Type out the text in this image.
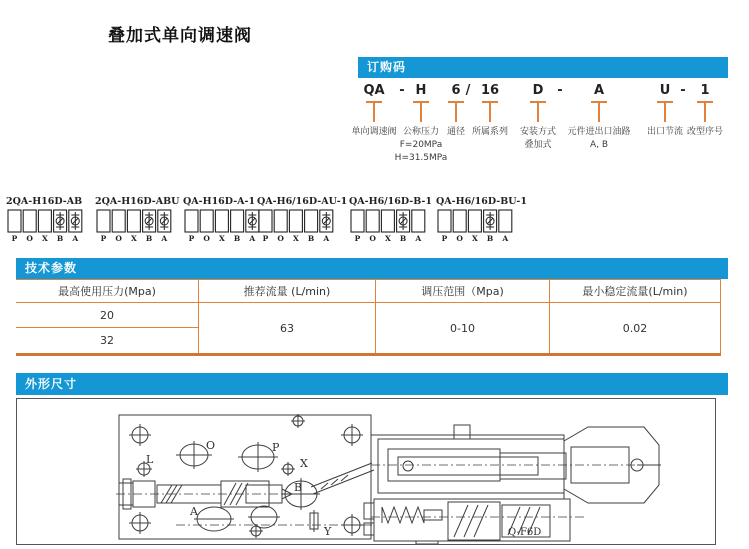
叠加式单向调速阀
订购码
QA
单向调速阀
- H
公称压力
F=20MPa
H=31.5MPa
6
通径
/ 16
所属系列
D
安装方式
叠加式
- A
元件进出口油路
A, B
U
出口节流
- 1
改型序号
2QA-H16D-AB
P O X B A
2QA-H16D-ABU
P O X B A
QA-H16D-A-1
P O X B A
QA-H6/16D-AU-1
P O X B A
QA-H6/16D-B-1
P O X B A
QA-H6/16D-BU-1
P O X B A
技术参数
最高使用压力(Mpa)	推荐流量 (L/min)	调压范围（Mpa)	最小稳定流量(L/min)
20
63	0-10	0.02
32
外形尺寸
L
O	P
X
B
A
Y	Q-F6D
